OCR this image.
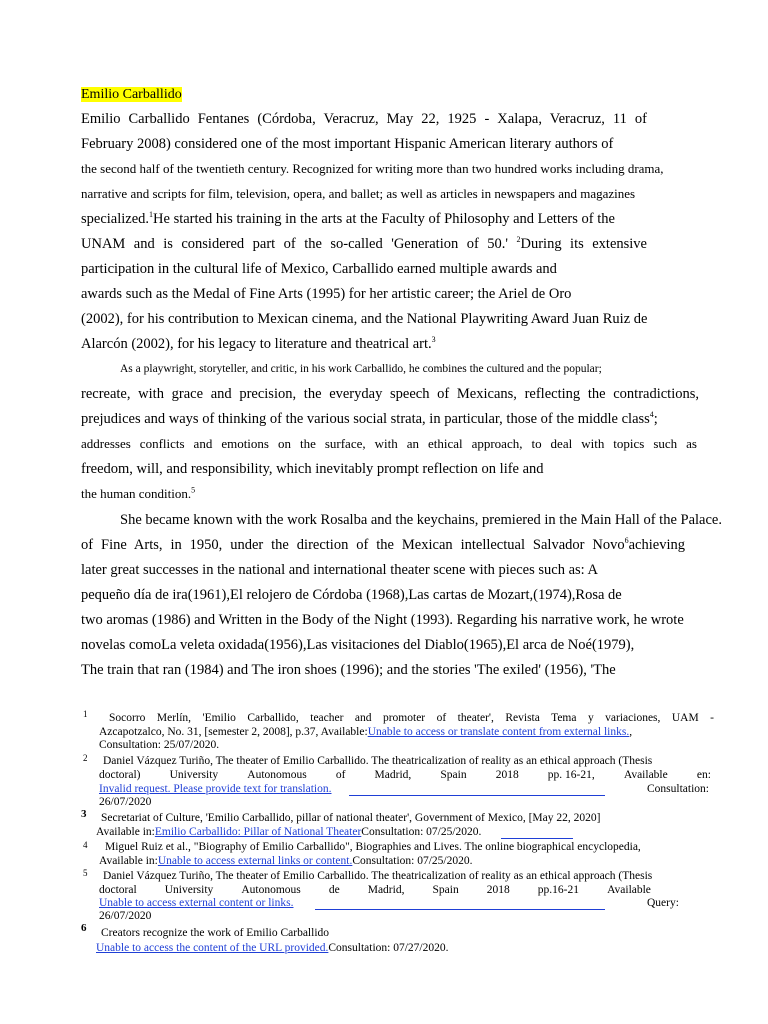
Emilio Carballido
Emilio Carballido Fentanes (Córdoba, Veracruz, May 22, 1925 - Xalapa, Veracruz, 11 of
February 2008) considered one of the most important Hispanic American literary authors of
the second half of the twentieth century. Recognized for writing more than two hundred works including drama,
narrative and scripts for film, television, opera, and ballet; as well as articles in newspapers and magazines
specialized.$^1$He started his training in the arts at the Faculty of Philosophy and Letters of the
UNAM and is considered part of the so-called 'Generation of 50.' $^2$During its extensive
participation in the cultural life of Mexico, Carballido earned multiple awards and
awards such as the Medal of Fine Arts (1995) for her artistic career; the Ariel de Oro
(2002), for his contribution to Mexican cinema, and the National Playwriting Award Juan Ruiz de
Alarcón (2002), for his legacy to literature and theatrical art.$^3$
As a playwright, storyteller, and critic, in his work Carballido, he combines the cultured and the popular;
recreate, with grace and precision, the everyday speech of Mexicans, reflecting the contradictions,
prejudices and ways of thinking of the various social strata, in particular, those of the middle class$^4$;
addresses conflicts and emotions on the surface, with an ethical approach, to deal with topics such as
freedom, will, and responsibility, which inevitably prompt reflection on life and
the human condition.$^5$
She became known with the work Rosalba and the keychains, premiered in the Main Hall of the Palace.
of Fine Arts, in 1950, under the direction of the Mexican intellectual Salvador Novo$^6$achieving
later great successes in the national and international theater scene with pieces such as: A
pequeño día de ira(1961),El relojero de Córdoba (1968),Las cartas de Mozart,(1974),Rosa de
two aromas (1986) and Written in the Body of the Night (1993). Regarding his narrative work, he wrote
novelas comoLa veleta oxidada(1956),Las visitaciones del Diablo(1965),El arca de Noé(1979),
The train that ran (1984) and The iron shoes (1996); and the stories 'The exiled' (1956), 'The
1 Socorro Merlín, 'Emilio Carballido, teacher and promoter of theater', Revista Tema y variaciones, UAM -
Azcapotzalco, No. 31, [semester 2, 2008], p.37, Available:Unable to access or translate content from external links.,
Consultation: 25/07/2020.
2 Daniel Vázquez Turiño, The theater of Emilio Carballido. The theatricalization of reality as an ethical approach (Thesis
doctoral)	University	Autonomous	of	Madrid,	Spain	2018	pp. 16-21,	Available	en:
Invalid request. Please provide text for translation.	Consultation:
26/07/2020
3 Secretariat of Culture, 'Emilio Carballido, pillar of national theater', Government of Mexico, [May 22, 2020]
Available in:Emilio Carballido: Pillar of National TheaterConsultation: 07/25/2020.
4 Miguel Ruiz et al., "Biography of Emilio Carballido", Biographies and Lives. The online biographical encyclopedia,
Available in:Unable to access external links or content.Consultation: 07/25/2020.
5 Daniel Vázquez Turiño, The theater of Emilio Carballido. The theatricalization of reality as an ethical approach (Thesis
doctoral University Autonomous de Madrid, Spain 2018 pp.16-21 Available
Unable to access external content or links.	Query:
26/07/2020
6 Creators recognize the work of Emilio Carballido
Unable to access the content of the URL provided.Consultation: 07/27/2020.
